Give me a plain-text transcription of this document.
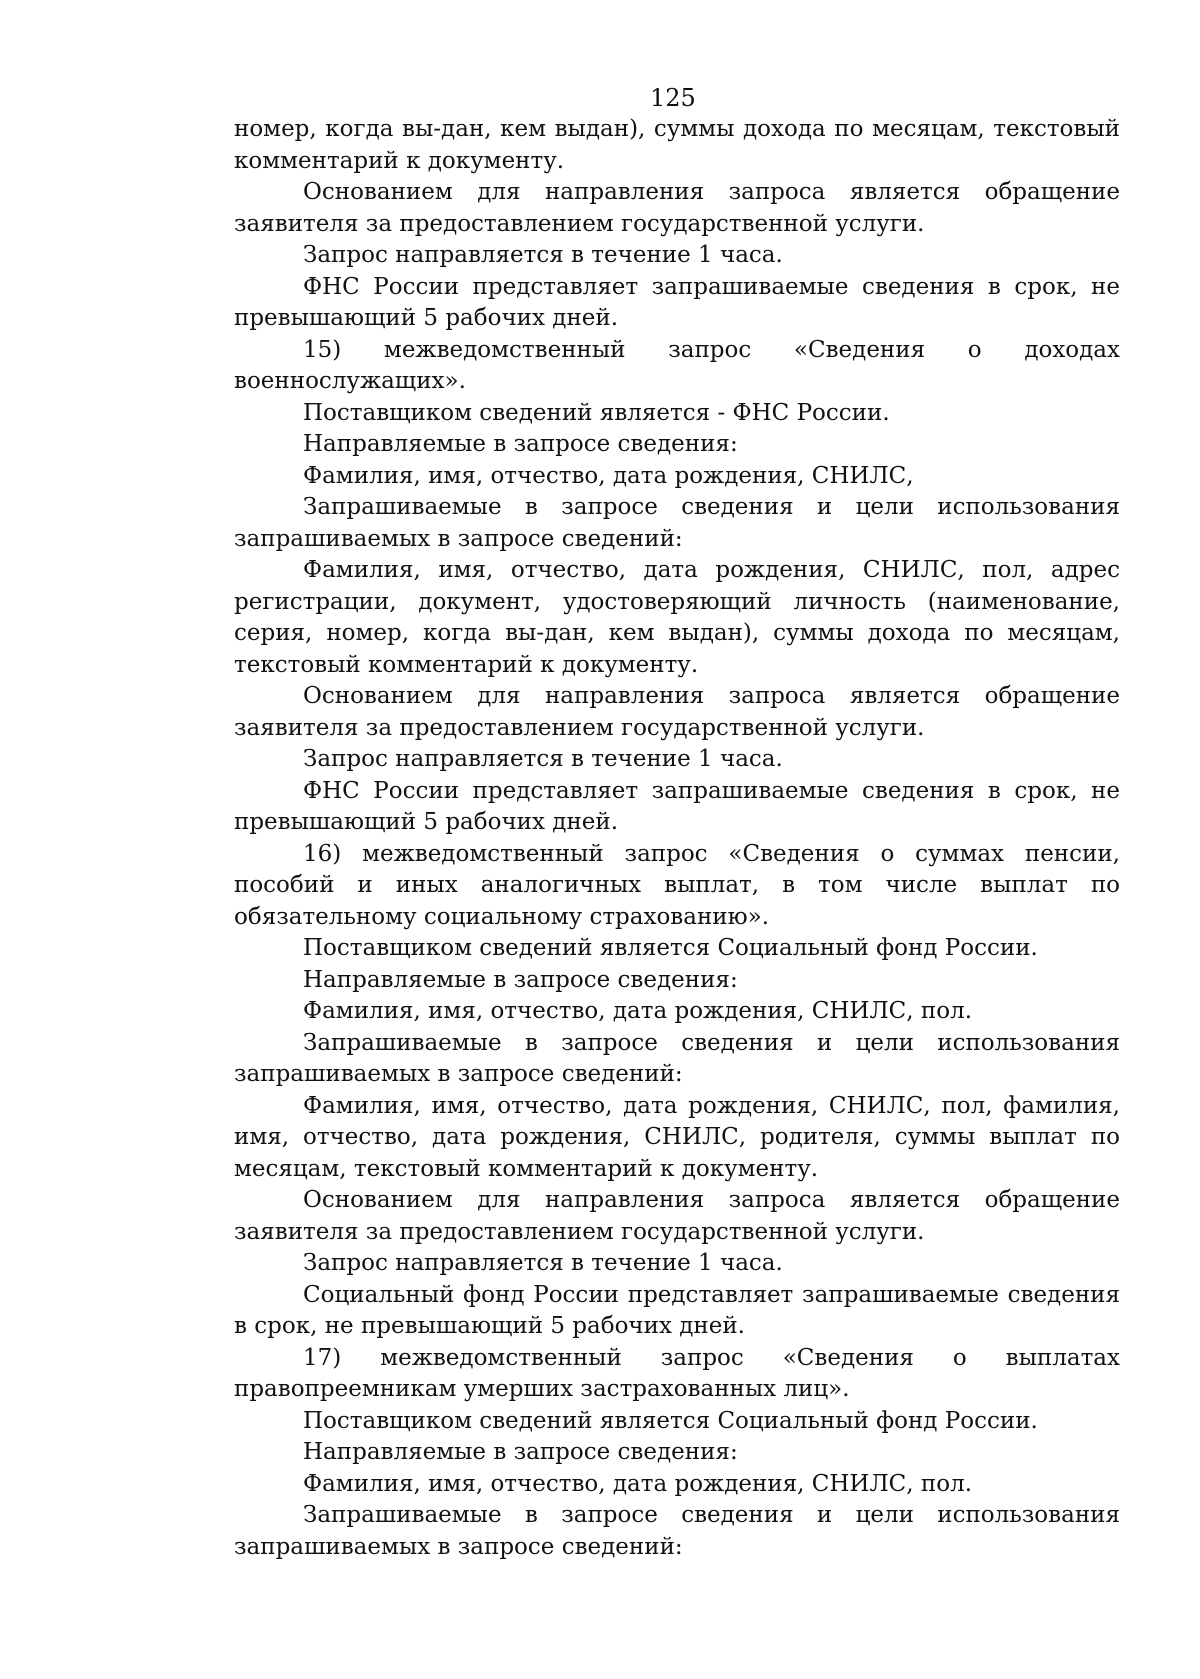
125

номер, когда вы-дан, кем выдан), суммы дохода по месяцам, текстовый комментарий к документу.

Основанием для направления запроса является обращение заявителя за предоставлением государственной услуги.

Запрос направляется в течение 1 часа.

ФНС России представляет запрашиваемые сведения в срок, не превышающий 5 рабочих дней.

15) межведомственный запрос «Сведения о доходах военнослужащих».

Поставщиком сведений является - ФНС России.

Направляемые в запросе сведения:

Фамилия, имя, отчество, дата рождения, СНИЛС,

Запрашиваемые в запросе сведения и цели использования запрашиваемых в запросе сведений:

Фамилия, имя, отчество, дата рождения, СНИЛС, пол, адрес регистрации, документ, удостоверяющий личность (наименование, серия, номер, когда вы-дан, кем выдан), суммы дохода по месяцам, текстовый комментарий к документу.

Основанием для направления запроса является обращение заявителя за предоставлением государственной услуги.

Запрос направляется в течение 1 часа.

ФНС России представляет запрашиваемые сведения в срок, не превышающий 5 рабочих дней.

16) межведомственный запрос «Сведения о суммах пенсии, пособий и иных аналогичных выплат, в том числе выплат по обязательному социальному страхованию».

Поставщиком сведений является Социальный фонд России.

Направляемые в запросе сведения:

Фамилия, имя, отчество, дата рождения, СНИЛС, пол.

Запрашиваемые в запросе сведения и цели использования запрашиваемых в запросе сведений:

Фамилия, имя, отчество, дата рождения, СНИЛС, пол, фамилия, имя, отчество, дата рождения, СНИЛС, родителя, суммы выплат по месяцам, текстовый комментарий к документу.

Основанием для направления запроса является обращение заявителя за предоставлением государственной услуги.

Запрос направляется в течение 1 часа.

Социальный фонд России представляет запрашиваемые сведения в срок, не превышающий 5 рабочих дней.

17) межведомственный запрос «Сведения о выплатах правопреемникам умерших застрахованных лиц».

Поставщиком сведений является Социальный фонд России.

Направляемые в запросе сведения:

Фамилия, имя, отчество, дата рождения, СНИЛС, пол.

Запрашиваемые в запросе сведения и цели использования запрашиваемых в запросе сведений:
